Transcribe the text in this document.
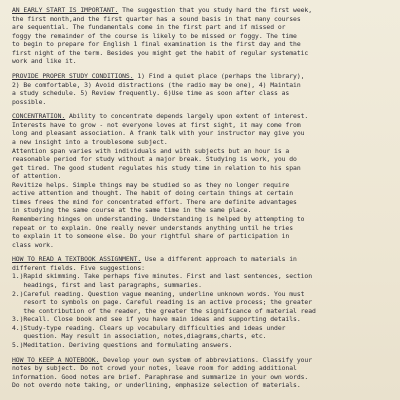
AN EARLY START IS IMPORTANT. The suggestion that you study hard the first week,
the first month,and the first quarter has a sound basis in that many courses
are sequential. The fundamentals come in the first part and if missed or
foggy the remainder of the course is likely to be missed or foggy. The time
to begin to prepare for English 1 final examination is the first day and the
first night of the term. Besides you might get the habit of regular systematic
work and like it.
PROVIDE PROPER STUDY CONDITIONS. 1) Find a quiet place (perhaps the library),
2) Be comfortable, 3) Avoid distractions (the radio may be one), 4) Maintain
a study schedule. 5) Review frequently. 6)Use time as soon after class as
possible.
CONCENTRATION. Ability to concentrate depends largely upon extent of interest.
Interests have to grow - not everyone loves at first sight, it may come from
long and pleasant association. A frank talk with your instructor may give you
a new insight into a troublesome subject.
Attention span varies with individuals and with subjects but an hour is a
reasonable period for study without a major break. Studying is work, you do
get tired. The good student regulates his study time in relation to his span
of attention.
Revitize helps. Simple things may be studied so as they no longer require
active attention and thought. The habit of doing certain things at certain
times frees the mind for concentrated effort. There are definite advantages
in studying the same course at the same time in the same place.
Remembering hinges on understanding. Understanding is helped by attempting to
repeat or to explain. One really never understands anything until he tries
to explain it to someone else. Do your rightful share of participation in
class work.
HOW TO READ A TEXTBOOK ASSIGNMENT. Use a different approach to materials in
different fields. Five suggestions:
1.)Rapid skimming. Take perhaps five minutes. First and last sentences, section
headings, first and last paragraphs, summaries.
2.)Careful reading. Question vague meaning, underline unknown words. You must
resort to symbols on page. Careful reading is an active process; the greater
the contribution of the reader, the greater the significance of material read
3.)Recall. Close book and see if you have main ideas and supporting details.
4.)Study-type reading. Clears up vocabulary difficulties and ideas under
question. May result in association, notes,diagrams,charts, etc.
5.)Meditation. Deriving questions and formulating answers.
HOW TO KEEP A NOTEBOOK. Develop your own system of abbreviations. Classify your
notes by subject. Do not crowd your notes, leave room for adding additional
information. Good notes are brief. Paraphrase and summarize in your own words.
Do not overdo note taking, or underlining, emphasize selection of materials.
